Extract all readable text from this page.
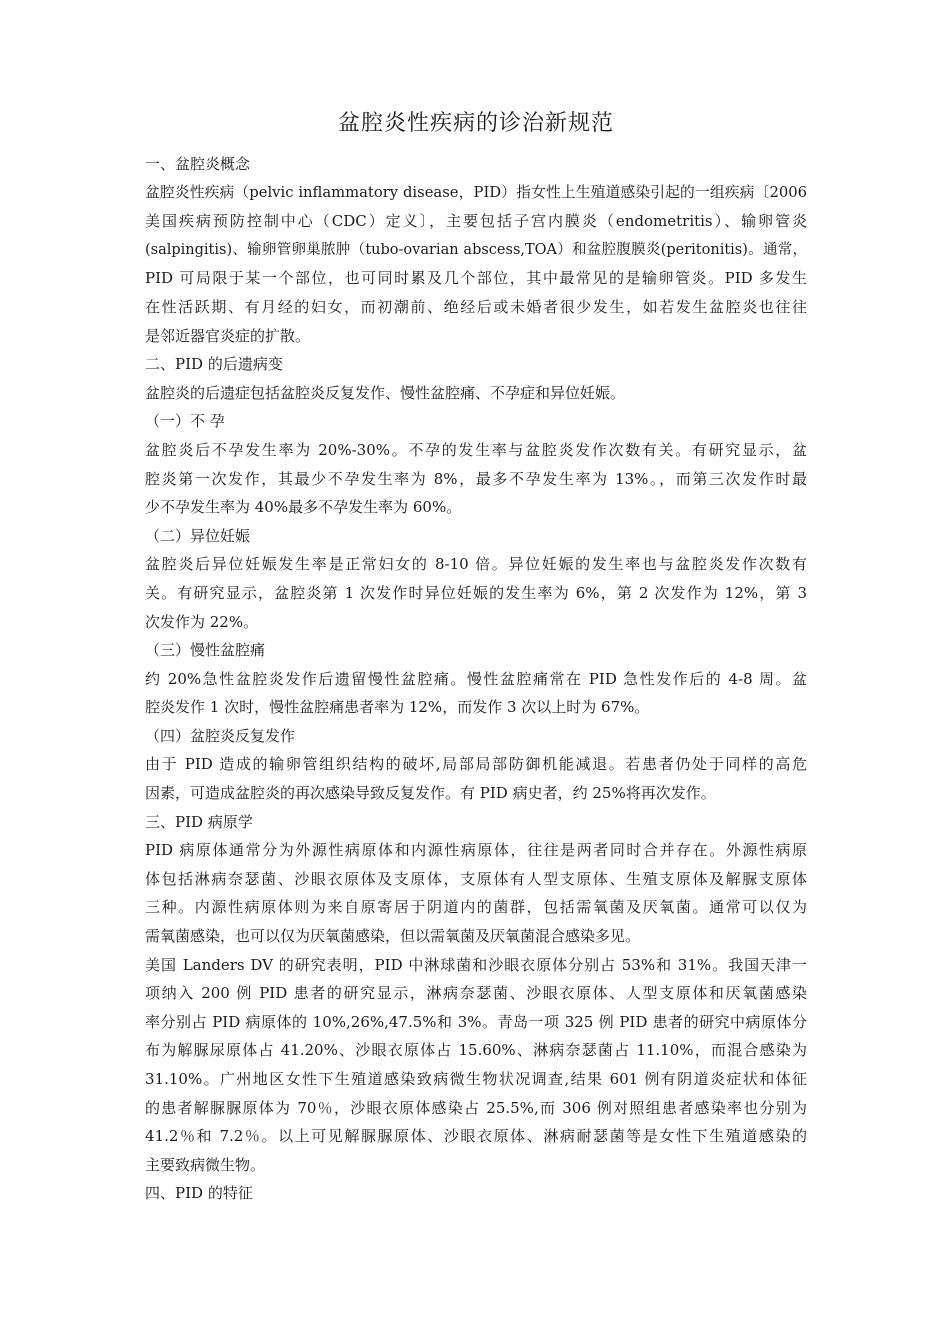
盆腔炎性疾病的诊治新规范

一、盆腔炎概念

盆腔炎性疾病（pelvic inflammatory disease，PID）指女性上生殖道感染引起的一组疾病〔2006

美国疾病预防控制中心（CDC）定义〕，主要包括子宫内膜炎（endometritis）、输卵管炎

(salpingitis)、输卵管卵巢脓肿（tubo-ovarian abscess,TOA）和盆腔腹膜炎(peritonitis)。通常，

PID 可局限于某一个部位，也可同时累及几个部位，其中最常见的是输卵管炎。PID 多发生

在性活跃期、有月经的妇女，而初潮前、绝经后或未婚者很少发生，如若发生盆腔炎也往往

是邻近器官炎症的扩散。

二、PID 的后遗病变

盆腔炎的后遗症包括盆腔炎反复发作、慢性盆腔痛、不孕症和异位妊娠。

（一）不 孕

盆腔炎后不孕发生率为 20%-30%。不孕的发生率与盆腔炎发作次数有关。有研究显示，盆

腔炎第一次发作，其最少不孕发生率为 8%，最多不孕发生率为 13%。，而第三次发作时最

少不孕发生率为 40%最多不孕发生率为 60%。

（二）异位妊娠

盆腔炎后异位妊娠发生率是正常妇女的 8-10 倍。异位妊娠的发生率也与盆腔炎发作次数有

关。有研究显示，盆腔炎第 1 次发作时异位妊娠的发生率为 6%，第 2 次发作为 12%，第 3

次发作为 22%。

（三）慢性盆腔痛

约 20%急性盆腔炎发作后遗留慢性盆腔痛。慢性盆腔痛常在 PID 急性发作后的 4-8 周。盆

腔炎发作 1 次时，慢性盆腔痛患者率为 12%，而发作 3 次以上时为 67%。

（四）盆腔炎反复发作

由于 PID 造成的输卵管组织结构的破坏,局部局部防御机能减退。若患者仍处于同样的高危

因素，可造成盆腔炎的再次感染导致反复发作。有 PID 病史者，约 25%将再次发作。

三、PID 病原学

PID 病原体通常分为外源性病原体和内源性病原体，往往是两者同时合并存在。外源性病原

体包括淋病奈瑟菌、沙眼衣原体及支原体，支原体有人型支原体、生殖支原体及解脲支原体

三种。内源性病原体则为来自原寄居于阴道内的菌群，包括需氧菌及厌氧菌。通常可以仅为

需氧菌感染，也可以仅为厌氧菌感染，但以需氧菌及厌氧菌混合感染多见。

美国 Landers DV 的研究表明，PID 中淋球菌和沙眼衣原体分别占 53%和 31%。我国天津一

项纳入 200 例 PID 患者的研究显示，淋病奈瑟菌、沙眼衣原体、人型支原体和厌氧菌感染

率分别占 PID 病原体的 10%,26%,47.5%和 3%。青岛一项 325 例 PID 患者的研究中病原体分

布为解脲尿原体占 41.20%、沙眼衣原体占 15.60%、淋病奈瑟菌占 11.10%，而混合感染为

31.10%。广州地区女性下生殖道感染致病微生物状况调查,结果 601 例有阴道炎症状和体征

的患者解脲脲原体为 70％，沙眼衣原体感染占 25.5%,而 306 例对照组患者感染率也分别为

41.2％和 7.2％。以上可见解脲脲原体、沙眼衣原体、淋病耐瑟菌等是女性下生殖道感染的

主要致病微生物。

四、PID 的特征
